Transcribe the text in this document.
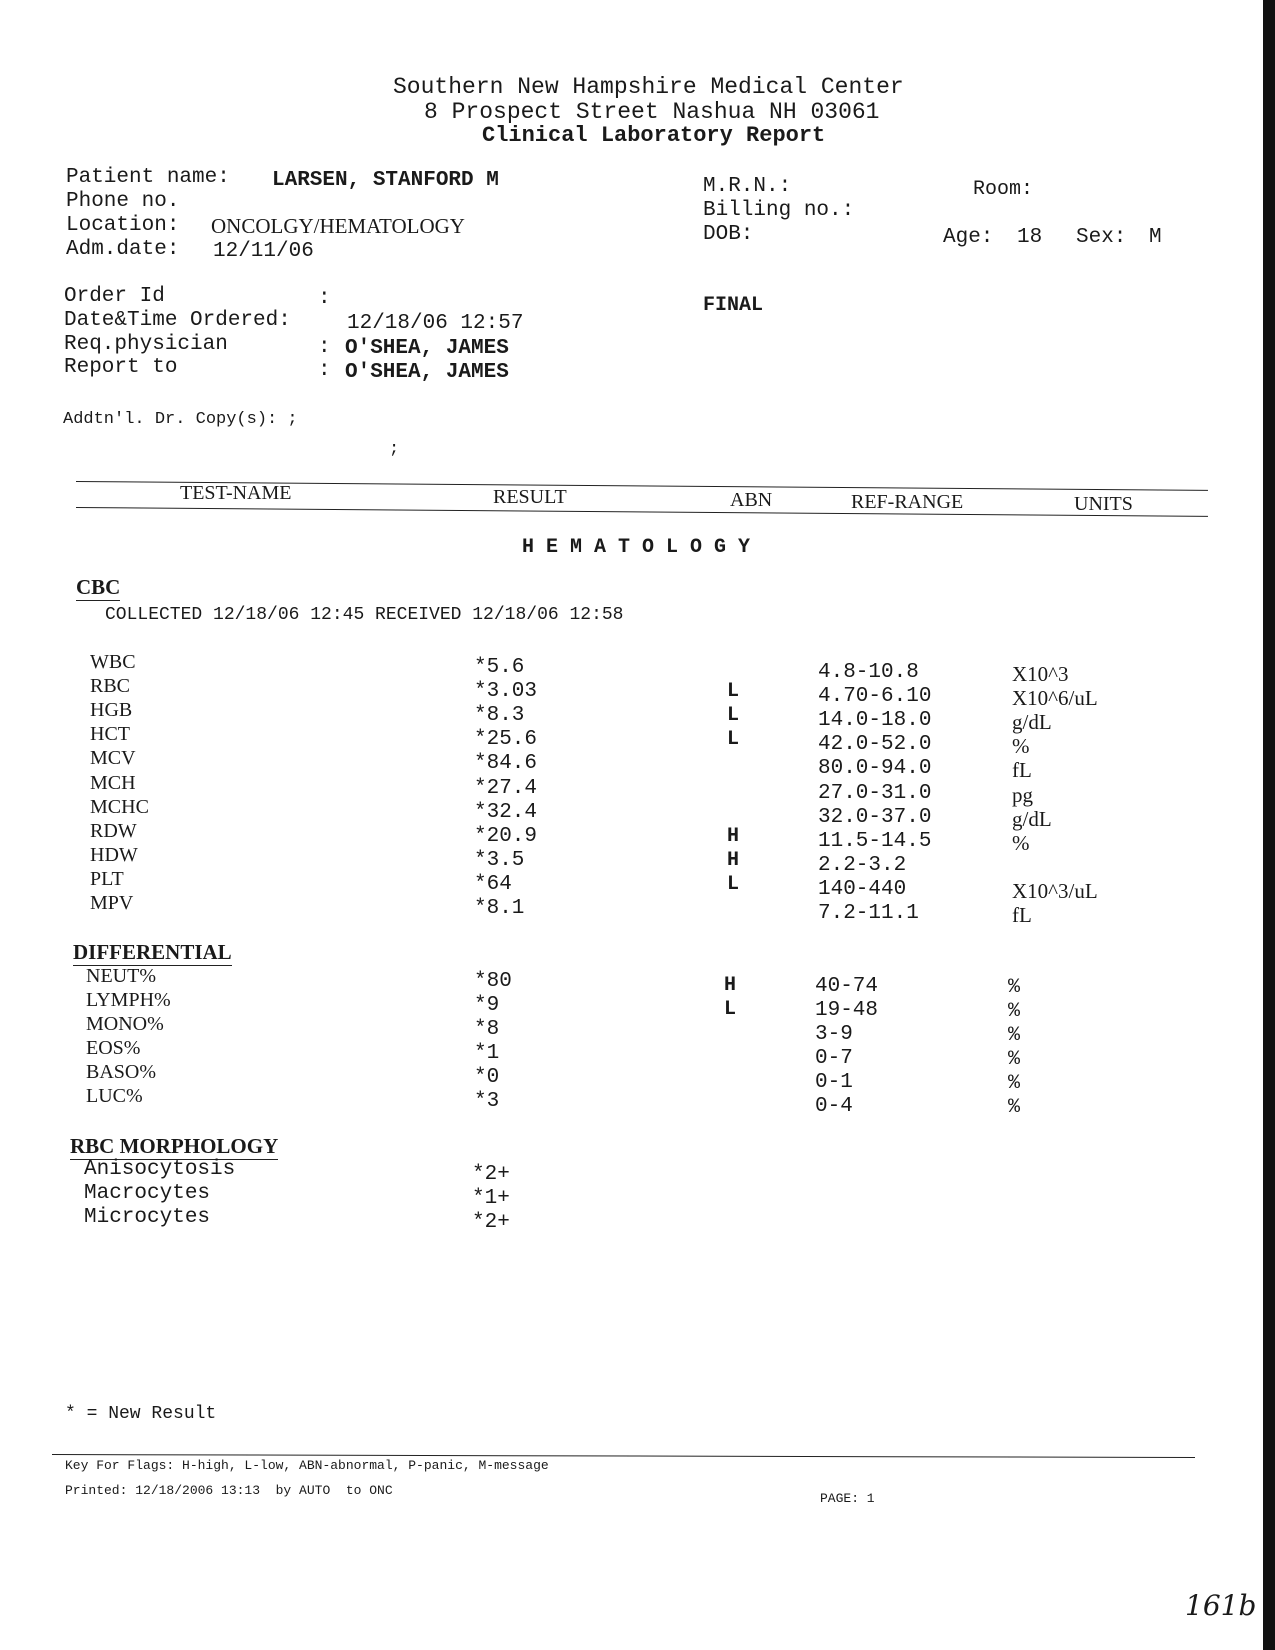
Southern New Hampshire Medical Center
8 Prospect Street Nashua NH 03061
Clinical Laboratory Report
Patient name: LARSEN, STANFORD M
Phone no.
Location: ONCOLGY/HEMATOLOGY
Adm.date: 12/11/06
M.R.N.:
Billing no.:
DOB:
Room:
Age: 18 Sex: M
Order Id	:
Date&Time Ordered:	12/18/06 12:57
Req.physician	: O'SHEA, JAMES
Report to	: O'SHEA, JAMES
FINAL
Addtn'l. Dr. Copy(s): ;
;
TEST-NAME	RESULT	ABN	REF-RANGE	UNITS
H E M A T O L O G Y
CBC
COLLECTED 12/18/06 12:45 RECEIVED 12/18/06 12:58
WBC	*5.6	4.8-10.8	X10^3
RBC	*3.03	L	4.70-6.10	X10^6/uL
HGB	*8.3	L	14.0-18.0	g/dL
HCT	*25.6	L	42.0-52.0	%
MCV	*84.6	80.0-94.0	fL
MCH	*27.4	27.0-31.0	pg
MCHC	*32.4	32.0-37.0	g/dL
RDW	*20.9	H	11.5-14.5	%
HDW	*3.5	H	2.2-3.2
PLT	*64	L	140-440	X10^3/uL
MPV	*8.1	7.2-11.1	fL
DIFFERENTIAL
NEUT%	*80	H	40-74	%
LYMPH%	*9	L	19-48	%
MONO%	*8	3-9	%
EOS%	*1	0-7	%
BASO%	*0	0-1	%
LUC%	*3	0-4	%
RBC MORPHOLOGY
Anisocytosis	*2+
Macrocytes	*1+
Microcytes	*2+
* = New Result
Key For Flags: H-high, L-low, ABN-abnormal, P-panic, M-message
Printed: 12/18/2006 13:13  by AUTO  to ONC
PAGE: 1
161b
